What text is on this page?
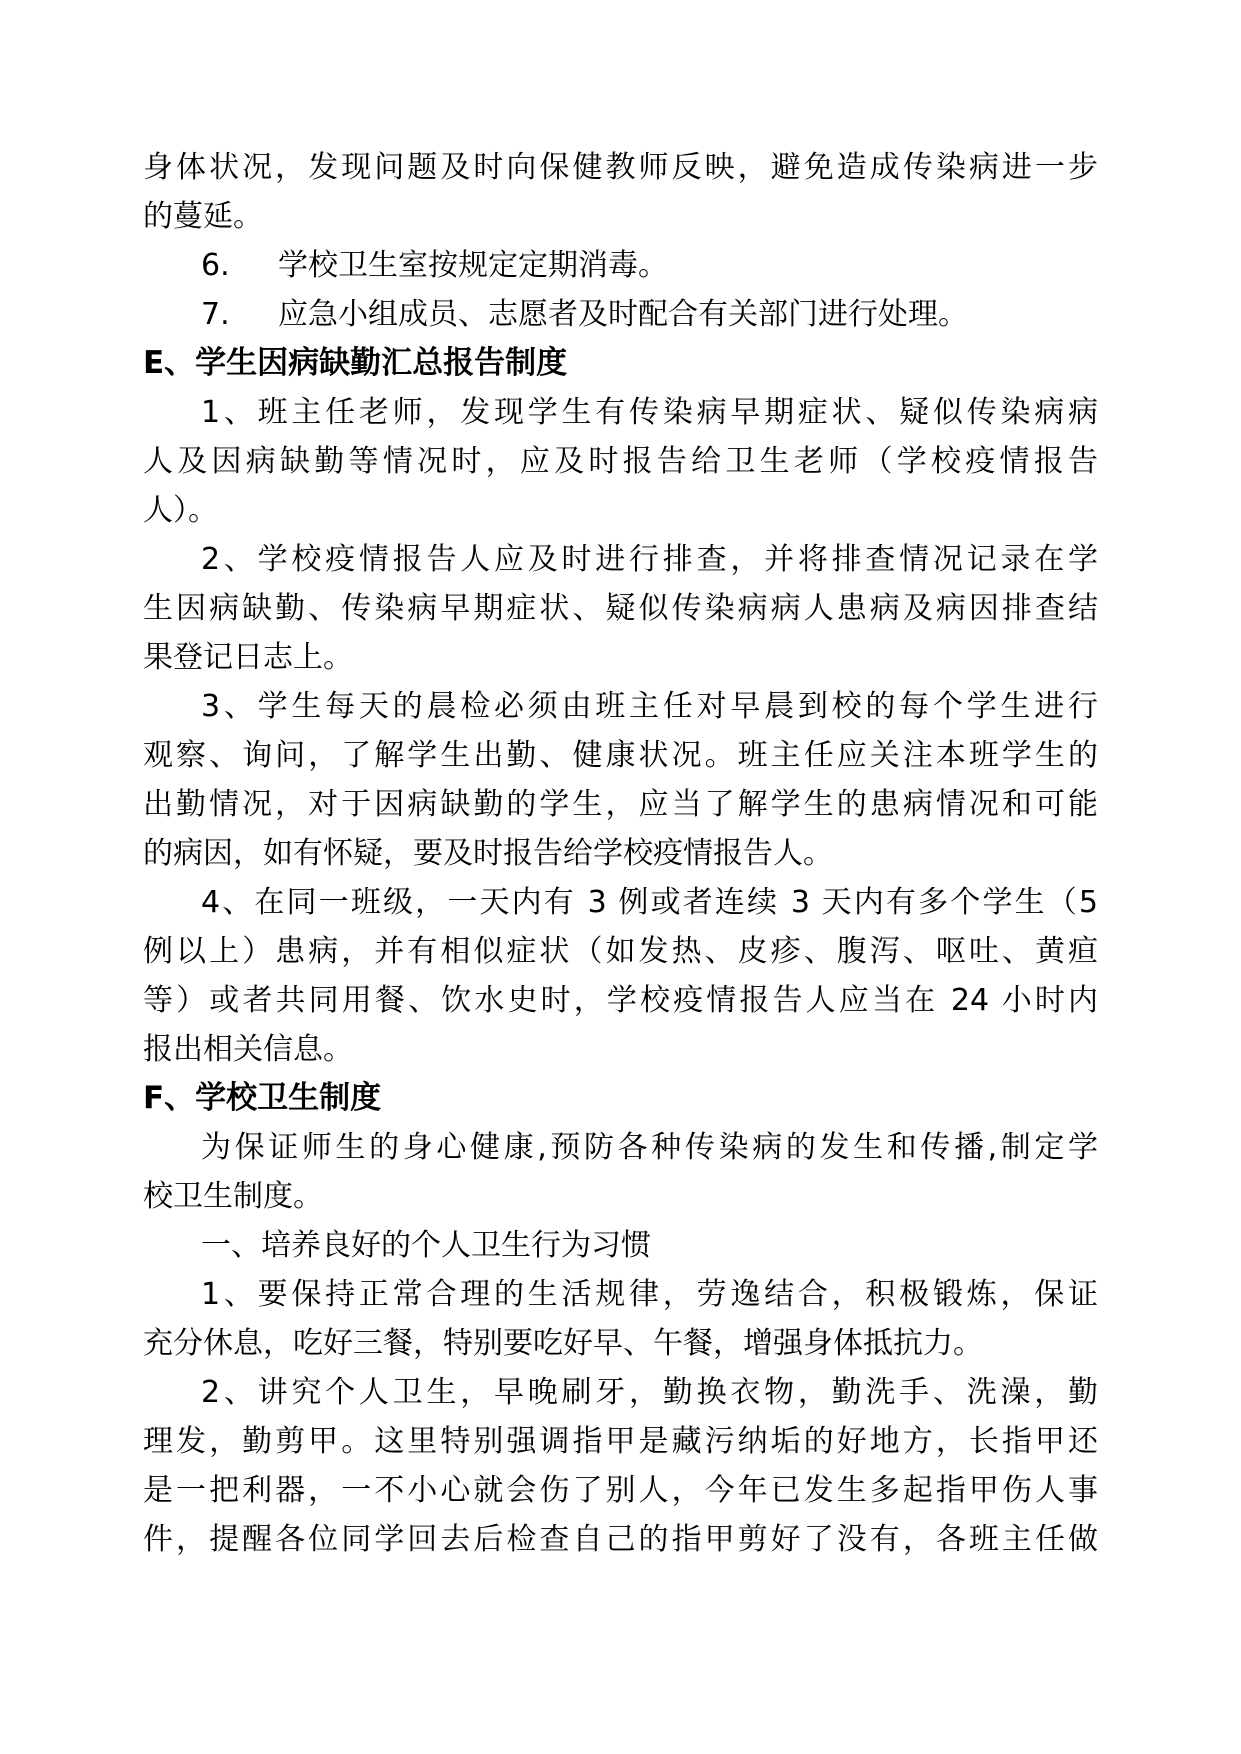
身体状况，发现问题及时向保健教师反映，避免造成传染病进一步
的蔓延。
6.	学校卫生室按规定定期消毒。
7.	应急小组成员、志愿者及时配合有关部门进行处理。
E、学生因病缺勤汇总报告制度
1、班主任老师，发现学生有传染病早期症状、疑似传染病病
人及因病缺勤等情况时，应及时报告给卫生老师（学校疫情报告
人）。
2、学校疫情报告人应及时进行排查，并将排查情况记录在学
生因病缺勤、传染病早期症状、疑似传染病病人患病及病因排查结
果登记日志上。
3、学生每天的晨检必须由班主任对早晨到校的每个学生进行
观察、询问，了解学生出勤、健康状况。班主任应关注本班学生的
出勤情况，对于因病缺勤的学生，应当了解学生的患病情况和可能
的病因，如有怀疑，要及时报告给学校疫情报告人。
4、在同一班级，一天内有 3 例或者连续 3 天内有多个学生（5
例以上）患病，并有相似症状（如发热、皮疹、腹泻、呕吐、黄疸
等）或者共同用餐、饮水史时，学校疫情报告人应当在 24 小时内
报出相关信息。
F、学校卫生制度
为保证师生的身心健康,预防各种传染病的发生和传播,制定学
校卫生制度。
一、培养良好的个人卫生行为习惯
1、要保持正常合理的生活规律，劳逸结合，积极锻炼，保证
充分休息，吃好三餐，特别要吃好早、午餐，增强身体抵抗力。
2、讲究个人卫生，早晚刷牙，勤换衣物，勤洗手、洗澡，勤
理发，勤剪甲。这里特别强调指甲是藏污纳垢的好地方，长指甲还
是一把利器，一不小心就会伤了别人，今年已发生多起指甲伤人事
件，提醒各位同学回去后检查自己的指甲剪好了没有，各班主任做
